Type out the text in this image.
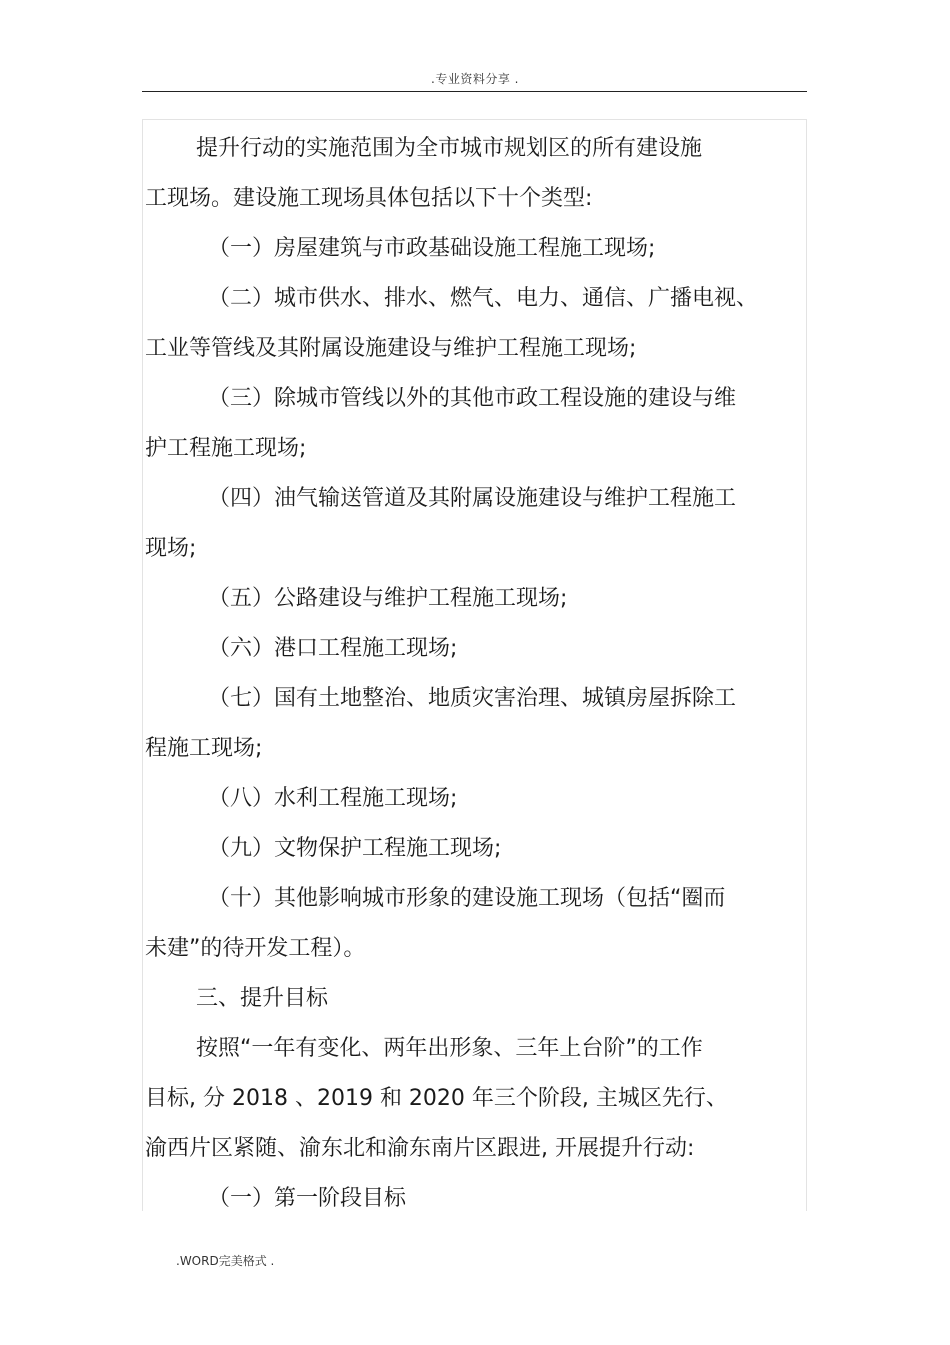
.专业资料分享 .

提升行动的实施范围为全市城市规划区的所有建设施

工现场。建设施工现场具体包括以下十个类型:

（一）房屋建筑与市政基础设施工程施工现场;

（二）城市供水、排水、燃气、电力、通信、广播电视、

工业等管线及其附属设施建设与维护工程施工现场;

（三）除城市管线以外的其他市政工程设施的建设与维

护工程施工现场;

（四）油气输送管道及其附属设施建设与维护工程施工

现场;

（五）公路建设与维护工程施工现场;

（六）港口工程施工现场;

（七）国有土地整治、地质灾害治理、城镇房屋拆除工

程施工现场;

（八）水利工程施工现场;

（九）文物保护工程施工现场;

（十）其他影响城市形象的建设施工现场（包括“圈而

未建”的待开发工程）。

三、提升目标

按照“一年有变化、两年出形象、三年上台阶”的工作

目标, 分 2018 、2019 和 2020 年三个阶段, 主城区先行、

渝西片区紧随、渝东北和渝东南片区跟进, 开展提升行动:

（一）第一阶段目标

.WORD完美格式 .
